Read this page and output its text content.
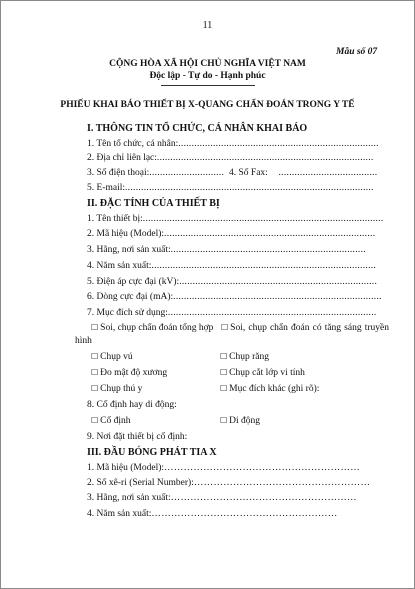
11
Mẫu số 07
CỘNG HÒA XÃ HỘI CHỦ NGHĨA VIỆT NAM
Độc lập - Tự do - Hạnh phúc
PHIẾU KHAI BÁO THIẾT BỊ X-QUANG CHẨN ĐOÁN TRONG Y TẾ
I. THÔNG TIN TỔ CHỨC, CÁ NHÂN KHAI BÁO
1. Tên tổ chức, cá nhân:...........................................................................
2. Địa chỉ liên lạc:.................................................................................
3. Số điện thoại:............................ 4. Số Fax:    .....................................
5. E-mail:.............................................................................................
II. ĐẶC TÍNH CỦA THIẾT BỊ
1. Tên thiết bị:..........................................................................................
2. Mã hiệu (Model):...............................................................................
3. Hãng, nơi sản xuất:.........................................................................
4. Năm sản xuất:....................................................................................
5. Điện áp cực đại (kV):..........................................................................
6. Dòng cực đại (mA):..............................................................................
7. Mục đích sử dụng:..............................................................................
☐ Soi, chụp chẩn đoán tổng hợp ☐ Soi, chụp chẩn đoán có tăng sáng truyền hình
☐ Chụp vú	☐ Chụp răng
☐ Đo mật độ xương	☐ Chụp cắt lớp vi tính
☐ Chụp thú y	☐ Mục đích khác (ghi rõ):
8. Cố định hay di động:
☐ Cố định	☐ Di động
9. Nơi đặt thiết bị cố định:
III. ĐẦU BÓNG PHÁT TIA X
1. Mã hiệu (Model):……………………………………………………
2. Số xê-ri (Serial Number):………………………………………………
3. Hãng, nơi sản xuất:…………………………………………………
4. Năm sản xuất:…………………………………………………
